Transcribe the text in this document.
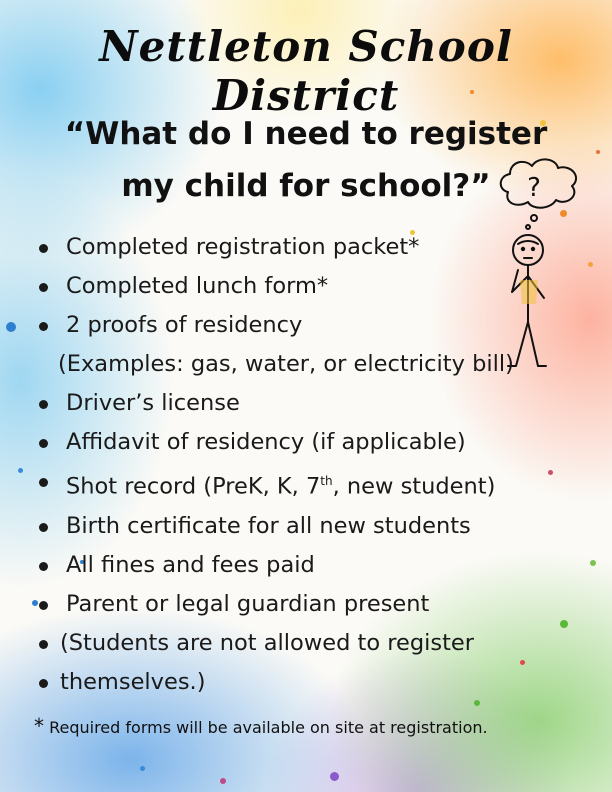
Nettleton School District
“What do I need to register
my child for school?”	?
Completed registration packet*
Completed lunch form*
2 proofs of residency
(Examples: gas, water, or electricity bill)
Driver’s license
Affidavit of residency (if applicable)
Shot record (PreK, K, 7th, new student)
Birth certificate for all new students
All fines and fees paid
Parent or legal guardian present
(Students are not allowed to register
themselves.)
* Required forms will be available on site at registration.
